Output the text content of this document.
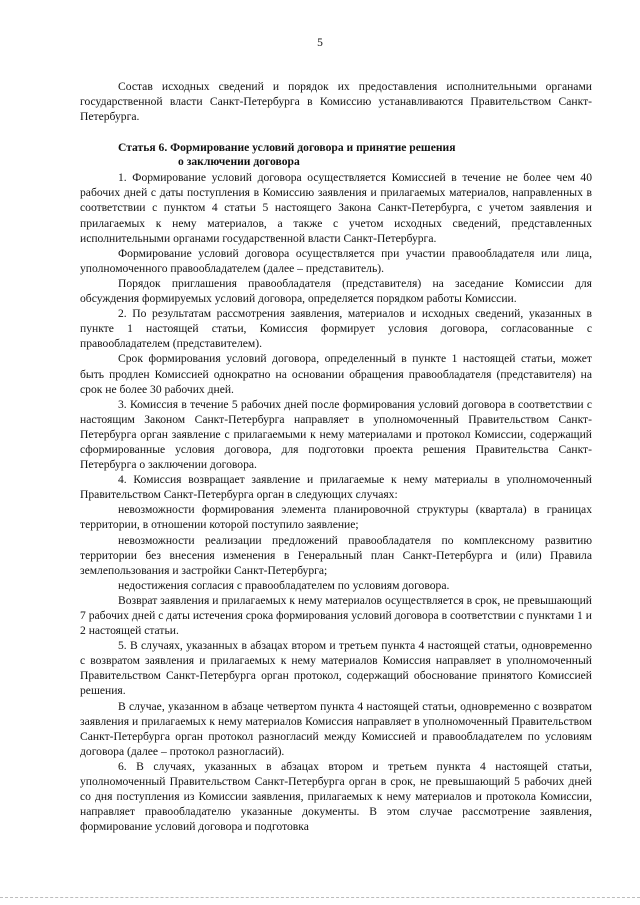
5

Состав исходных сведений и порядок их предоставления исполнительными органами государственной власти Санкт-Петербурга в Комиссию устанавливаются Правительством Санкт-Петербурга.

Статья 6. Формирование условий договора и принятие решения
о заключении договора

1. Формирование условий договора осуществляется Комиссией в течение не более чем 40 рабочих дней с даты поступления в Комиссию заявления и прилагаемых материалов, направленных в соответствии с пунктом 4 статьи 5 настоящего Закона Санкт-Петербурга, с учетом заявления и прилагаемых к нему материалов, а также с учетом исходных сведений, представленных исполнительными органами государственной власти Санкт-Петербурга.

Формирование условий договора осуществляется при участии правообладателя или лица, уполномоченного правообладателем (далее – представитель).

Порядок приглашения правообладателя (представителя) на заседание Комиссии для обсуждения формируемых условий договора, определяется порядком работы Комиссии.

2. По результатам рассмотрения заявления, материалов и исходных сведений, указанных в пункте 1 настоящей статьи, Комиссия формирует условия договора, согласованные с правообладателем (представителем).

Срок формирования условий договора, определенный в пункте 1 настоящей статьи, может быть продлен Комиссией однократно на основании обращения правообладателя (представителя) на срок не более 30 рабочих дней.

3. Комиссия в течение 5 рабочих дней после формирования условий договора в соответствии с настоящим Законом Санкт-Петербурга направляет в уполномоченный Правительством Санкт-Петербурга орган заявление с прилагаемыми к нему материалами и протокол Комиссии, содержащий сформированные условия договора, для подготовки проекта решения Правительства Санкт-Петербурга о заключении договора.

4. Комиссия возвращает заявление и прилагаемые к нему материалы в уполномоченный Правительством Санкт-Петербурга орган в следующих случаях:

невозможности формирования элемента планировочной структуры (квартала) в границах территории, в отношении которой поступило заявление;

невозможности реализации предложений правообладателя по комплексному развитию территории без внесения изменения в Генеральный план Санкт-Петербурга и (или) Правила землепользования и застройки Санкт-Петербурга;

недостижения согласия с правообладателем по условиям договора.

Возврат заявления и прилагаемых к нему материалов осуществляется в срок, не превышающий 7 рабочих дней с даты истечения срока формирования условий договора в соответствии с пунктами 1 и 2 настоящей статьи.

5. В случаях, указанных в абзацах втором и третьем пункта 4 настоящей статьи, одновременно с возвратом заявления и прилагаемых к нему материалов Комиссия направляет в уполномоченный Правительством Санкт-Петербурга орган протокол, содержащий обоснование принятого Комиссией решения.

В случае, указанном в абзаце четвертом пункта 4 настоящей статьи, одновременно с возвратом заявления и прилагаемых к нему материалов Комиссия направляет в уполномоченный Правительством Санкт-Петербурга орган протокол разногласий между Комиссией и правообладателем по условиям договора (далее – протокол разногласий).

6. В случаях, указанных в абзацах втором и третьем пункта 4 настоящей статьи, уполномоченный Правительством Санкт-Петербурга орган в срок, не превышающий 5 рабочих дней со дня поступления из Комиссии заявления, прилагаемых к нему материалов и протокола Комиссии, направляет правообладателю указанные документы. В этом случае рассмотрение заявления, формирование условий договора и подготовка
